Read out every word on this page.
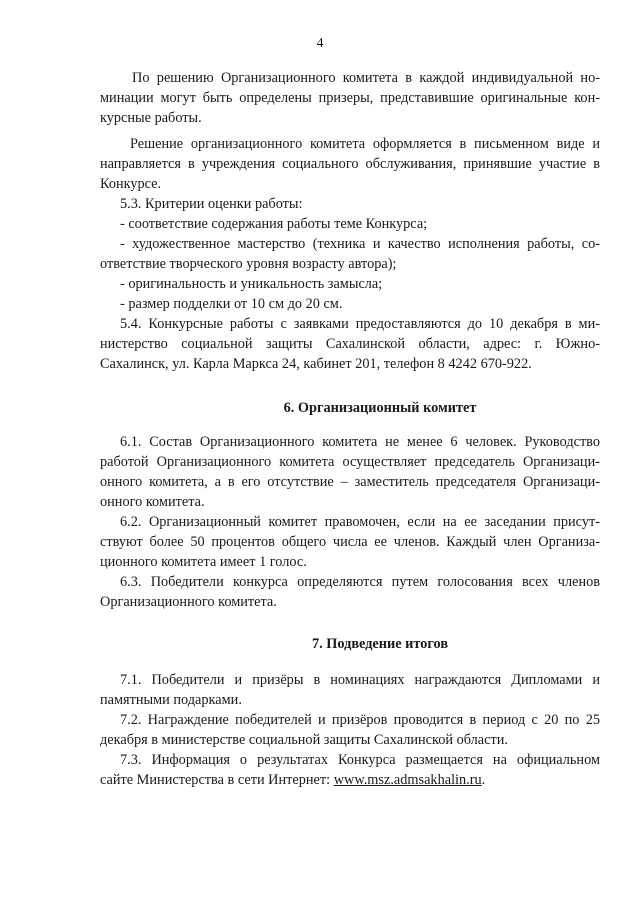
4
По решению Организационного комитета в каждой индивидуальной но-
минации могут быть определены призеры, представившие оригинальные кон-
курсные работы.
Решение организационного комитета оформляется в письменном виде и
направляется в учреждения социального обслуживания, принявшие участие в
Конкурсе.
5.3. Критерии оценки работы:
- соответствие содержания работы теме Конкурса;
- художественное мастерство (техника и качество исполнения работы, со-
ответствие творческого уровня возрасту автора);
- оригинальность и уникальность замысла;
- размер подделки от 10 см до 20 см.
5.4. Конкурсные работы с заявками предоставляются до 10 декабря в ми-
нистерство социальной защиты Сахалинской области, адрес: г. Южно-
Сахалинск, ул. Карла Маркса 24, кабинет 201, телефон 8 4242 670-922.
6. Организационный комитет
6.1. Состав Организационного комитета не менее 6 человек. Руководство
работой Организационного комитета осуществляет председатель Организаци-
онного комитета, а в его отсутствие – заместитель председателя Организаци-
онного комитета.
6.2. Организационный комитет правомочен, если на ее заседании присут-
ствуют более 50 процентов общего числа ее членов. Каждый член Организа-
ционного комитета имеет 1 голос.
6.3. Победители конкурса определяются путем голосования всех членов
Организационного комитета.
7. Подведение итогов
7.1. Победители и призёры в номинациях награждаются Дипломами и
памятными подарками.
7.2. Награждение победителей и призёров проводится в период с 20 по 25
декабря в министерстве социальной защиты Сахалинской области.
7.3. Информация о результатах Конкурса размещается на официальном
сайте Министерства в сети Интернет: www.msz.admsakhalin.ru.
